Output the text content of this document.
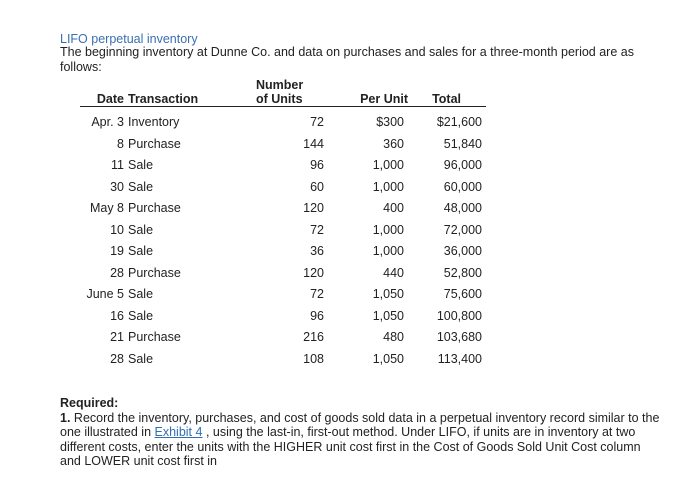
LIFO perpetual inventory
The beginning inventory at Dunne Co. and data on purchases and sales for a three-month period are as follows:
Date Transaction
Number
of Units	Per Unit Total
Apr. 3 Inventory	72	$300	$21,600
8 Purchase	144	360	51,840
11 Sale	96	1,000	96,000
30 Sale	60	1,000	60,000
May 8 Purchase	120	400	48,000
10 Sale	72	1,000	72,000
19 Sale	36	1,000	36,000
28 Purchase	120	440	52,800
June 5 Sale	72	1,050	75,600
16 Sale	96	1,050	100,800
21 Purchase	216	480	103,680
28 Sale	108	1,050	113,400
Required:
1. Record the inventory, purchases, and cost of goods sold data in a perpetual inventory record similar to the one illustrated in Exhibit 4 , using the last-in, first-out method. Under LIFO, if units are in inventory at two different costs, enter the units with the HIGHER unit cost first in the Cost of Goods Sold Unit Cost column and LOWER unit cost first in
